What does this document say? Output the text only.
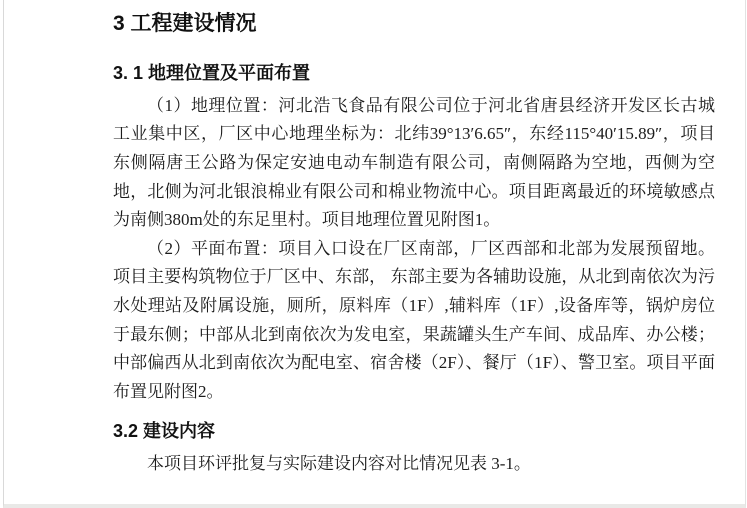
3 工程建设情况
3. 1 地理位置及平面布置

（1）地理位置：河北浩飞食品有限公司位于河北省唐县经济开发区长古城工业集中区，厂区中心地理坐标为：北纬39°13′6.65″，东经115°40′15.89″，项目东侧隔唐王公路为保定安迪电动车制造有限公司，南侧隔路为空地，西侧为空地，北侧为河北银浪棉业有限公司和棉业物流中心。项目距离最近的环境敏感点为南侧380m处的东足里村。项目地理位置见附图1。

（2）平面布置：项目入口设在厂区南部，厂区西部和北部为发展预留地。项目主要构筑物位于厂区中、东部， 东部主要为各辅助设施，从北到南依次为污水处理站及附属设施，厕所，原料库（1F）,辅料库（1F）,设备库等，锅炉房位于最东侧；中部从北到南依次为发电室，果蔬罐头生产车间、成品库、办公楼；中部偏西从北到南依次为配电室、宿舍楼（2F）、餐厅（1F）、警卫室。项目平面布置见附图2。

3.2 建设内容

本项目环评批复与实际建设内容对比情况见表 3-1。
